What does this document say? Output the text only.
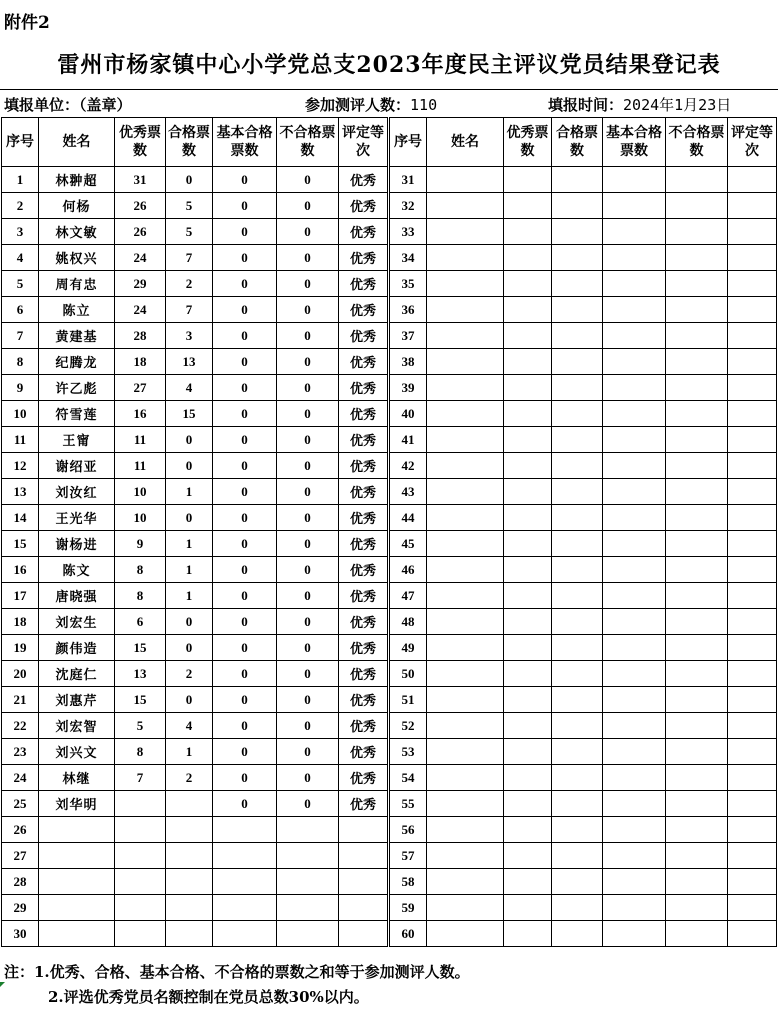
附件2
雷州市杨家镇中心小学党总支2023年度民主评议党员结果登记表
填报单位：（盖章）	参加测评人数：110	填报时间：2024年1月23日
序号	姓名	优秀票数	合格票数	基本合格票数	不合格票数	评定等次	序号	姓名	优秀票数	合格票数	基本合格票数	不合格票数	评定等次
1	林翀超	31	0	0	0	优秀	31						
2	何杨	26	5	0	0	优秀	32						
3	林文敏	26	5	0	0	优秀	33						
4	姚权兴	24	7	0	0	优秀	34						
5	周有忠	29	2	0	0	优秀	35						
6	陈立	24	7	0	0	优秀	36						
7	黄建基	28	3	0	0	优秀	37						
8	纪腾龙	18	13	0	0	优秀	38						
9	许乙彪	27	4	0	0	优秀	39						
10	符雪莲	16	15	0	0	优秀	40						
11	王甯	11	0	0	0	优秀	41						
12	谢绍亚	11	0	0	0	优秀	42						
13	刘汝红	10	1	0	0	优秀	43						
14	王光华	10	0	0	0	优秀	44						
15	谢杨进	9	1	0	0	优秀	45						
16	陈文	8	1	0	0	优秀	46						
17	唐晓强	8	1	0	0	优秀	47						
18	刘宏生	6	0	0	0	优秀	48						
19	颜伟造	15	0	0	0	优秀	49						
20	沈庭仁	13	2	0	0	优秀	50						
21	刘惠芹	15	0	0	0	优秀	51						
22	刘宏智	5	4	0	0	优秀	52						
23	刘兴文	8	1	0	0	优秀	53						
24	林继	7	2	0	0	优秀	54						
25	刘华明			0	0	优秀	55						
26							56						
27							57						
28							58						
29							59						
30							60						
注：1.优秀、合格、基本合格、不合格的票数之和等于参加测评人数。
2.评选优秀党员名额控制在党员总数30%以内。
